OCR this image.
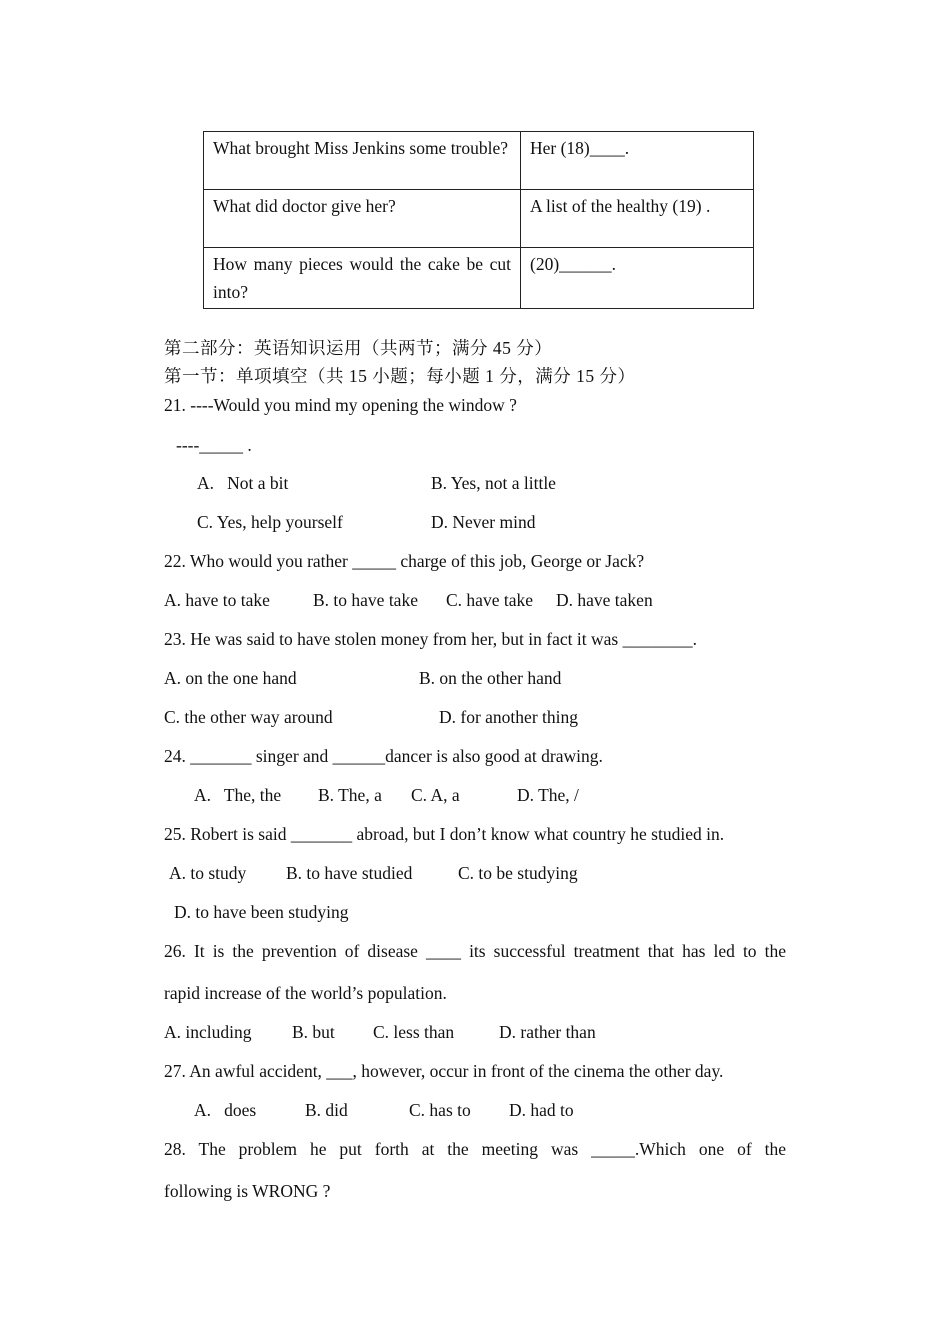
What brought Miss Jenkins some trouble?	Her (18)____.
What did doctor give her?	A list of the healthy (19) .
How many pieces would the cake be cut into?	(20)______.
第二部分：英语知识运用（共两节；满分 45 分）
第一节：单项填空（共 15 小题；每小题 1 分，满分 15 分）
21. ----Would you mind my opening the window ?
----_____ .
A.   Not a bit	B. Yes, not a little
C. Yes, help yourself	D. Never mind
22. Who would you rather _____ charge of this job, George or Jack?
A. have to take B. to have take C. have take D. have taken
23. He was said to have stolen money from her, but in fact it was ________.
A. on the one hand	B. on the other hand
C. the other way around	D. for another thing
24. _______ singer and ______dancer is also good at drawing.
A.   The, the B. The, a C. A, a	D. The, /
25. Robert is said _______ abroad, but I don’t know what country he studied in.
A. to study B. to have studied	C. to be studying
D. to have been studying
26. It is the prevention of disease ____ its successful treatment that has led to the
rapid increase of the world’s population.
A. including B. but C. less than	D. rather than
27. An awful accident, ___, however, occur in front of the cinema the other day.
A.   does	B. did	C. has to D. had to
28. The problem he put forth at the meeting was _____.Which one of the
following is WRONG ?
